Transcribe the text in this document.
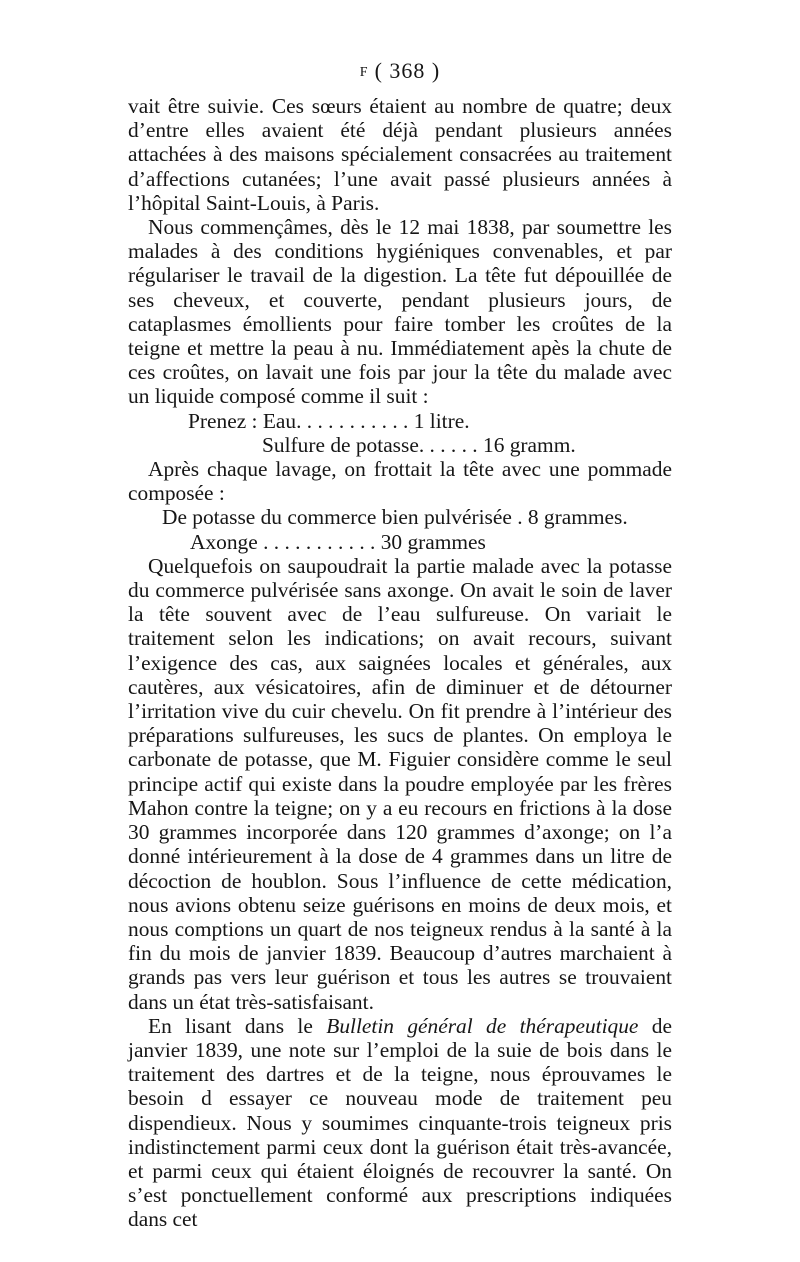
F ( 368 )

vait être suivie. Ces sœurs étaient au nombre de quatre; deux d’entre elles avaient été déjà pendant plusieurs années attachées à des maisons spécialement consacrées au traitement d’affections cutanées; l’une avait passé plusieurs années à l’hôpital Saint-Louis, à Paris.

Nous commençâmes, dès le 12 mai 1838, par soumettre les malades à des conditions hygiéniques convenables, et par régulariser le travail de la digestion. La tête fut dépouillée de ses cheveux, et couverte, pendant plusieurs jours, de cataplasmes émollients pour faire tomber les croûtes de la teigne et mettre la peau à nu. Immédiatement apès la chute de ces croûtes, on lavait une fois par jour la tête du malade avec un liquide composé comme il suit :

Prenez : Eau. . . . . . . . . . . 1 litre.

Sulfure de potasse. . . . . . 16 gramm.

Après chaque lavage, on frottait la tête avec une pommade composée :

De potasse du commerce bien pulvérisée . 8 grammes.

Axonge . . . . . . . . . . . 30 grammes

Quelquefois on saupoudrait la partie malade avec la potasse du commerce pulvérisée sans axonge. On avait le soin de laver la tête souvent avec de l’eau sulfureuse. On variait le traitement selon les indications; on avait recours, suivant l’exigence des cas, aux saignées locales et générales, aux cautères, aux vésicatoires, afin de diminuer et de détourner l’irritation vive du cuir chevelu. On fit prendre à l’intérieur des préparations sulfureuses, les sucs de plantes. On employa le carbonate de potasse, que M. Figuier considère comme le seul principe actif qui existe dans la poudre employée par les frères Mahon contre la teigne; on y a eu recours en frictions à la dose 30 grammes incorporée dans 120 grammes d’axonge; on l’a donné intérieurement à la dose de 4 grammes dans un litre de décoction de houblon. Sous l’influence de cette médication, nous avions obtenu seize guérisons en moins de deux mois, et nous comptions un quart de nos teigneux rendus à la santé à la fin du mois de janvier 1839. Beaucoup d’autres marchaient à grands pas vers leur guérison et tous les autres se trouvaient dans un état très-satisfaisant.

En lisant dans le Bulletin général de thérapeutique de janvier 1839, une note sur l’emploi de la suie de bois dans le traitement des dartres et de la teigne, nous éprouvames le besoin d essayer ce nouveau mode de traitement peu dispendieux. Nous y soumimes cinquante-trois teigneux pris indistinctement parmi ceux dont la guérison était très-avancée, et parmi ceux qui étaient éloignés de recouvrer la santé. On s’est ponctuellement conformé aux prescriptions indiquées dans cet
